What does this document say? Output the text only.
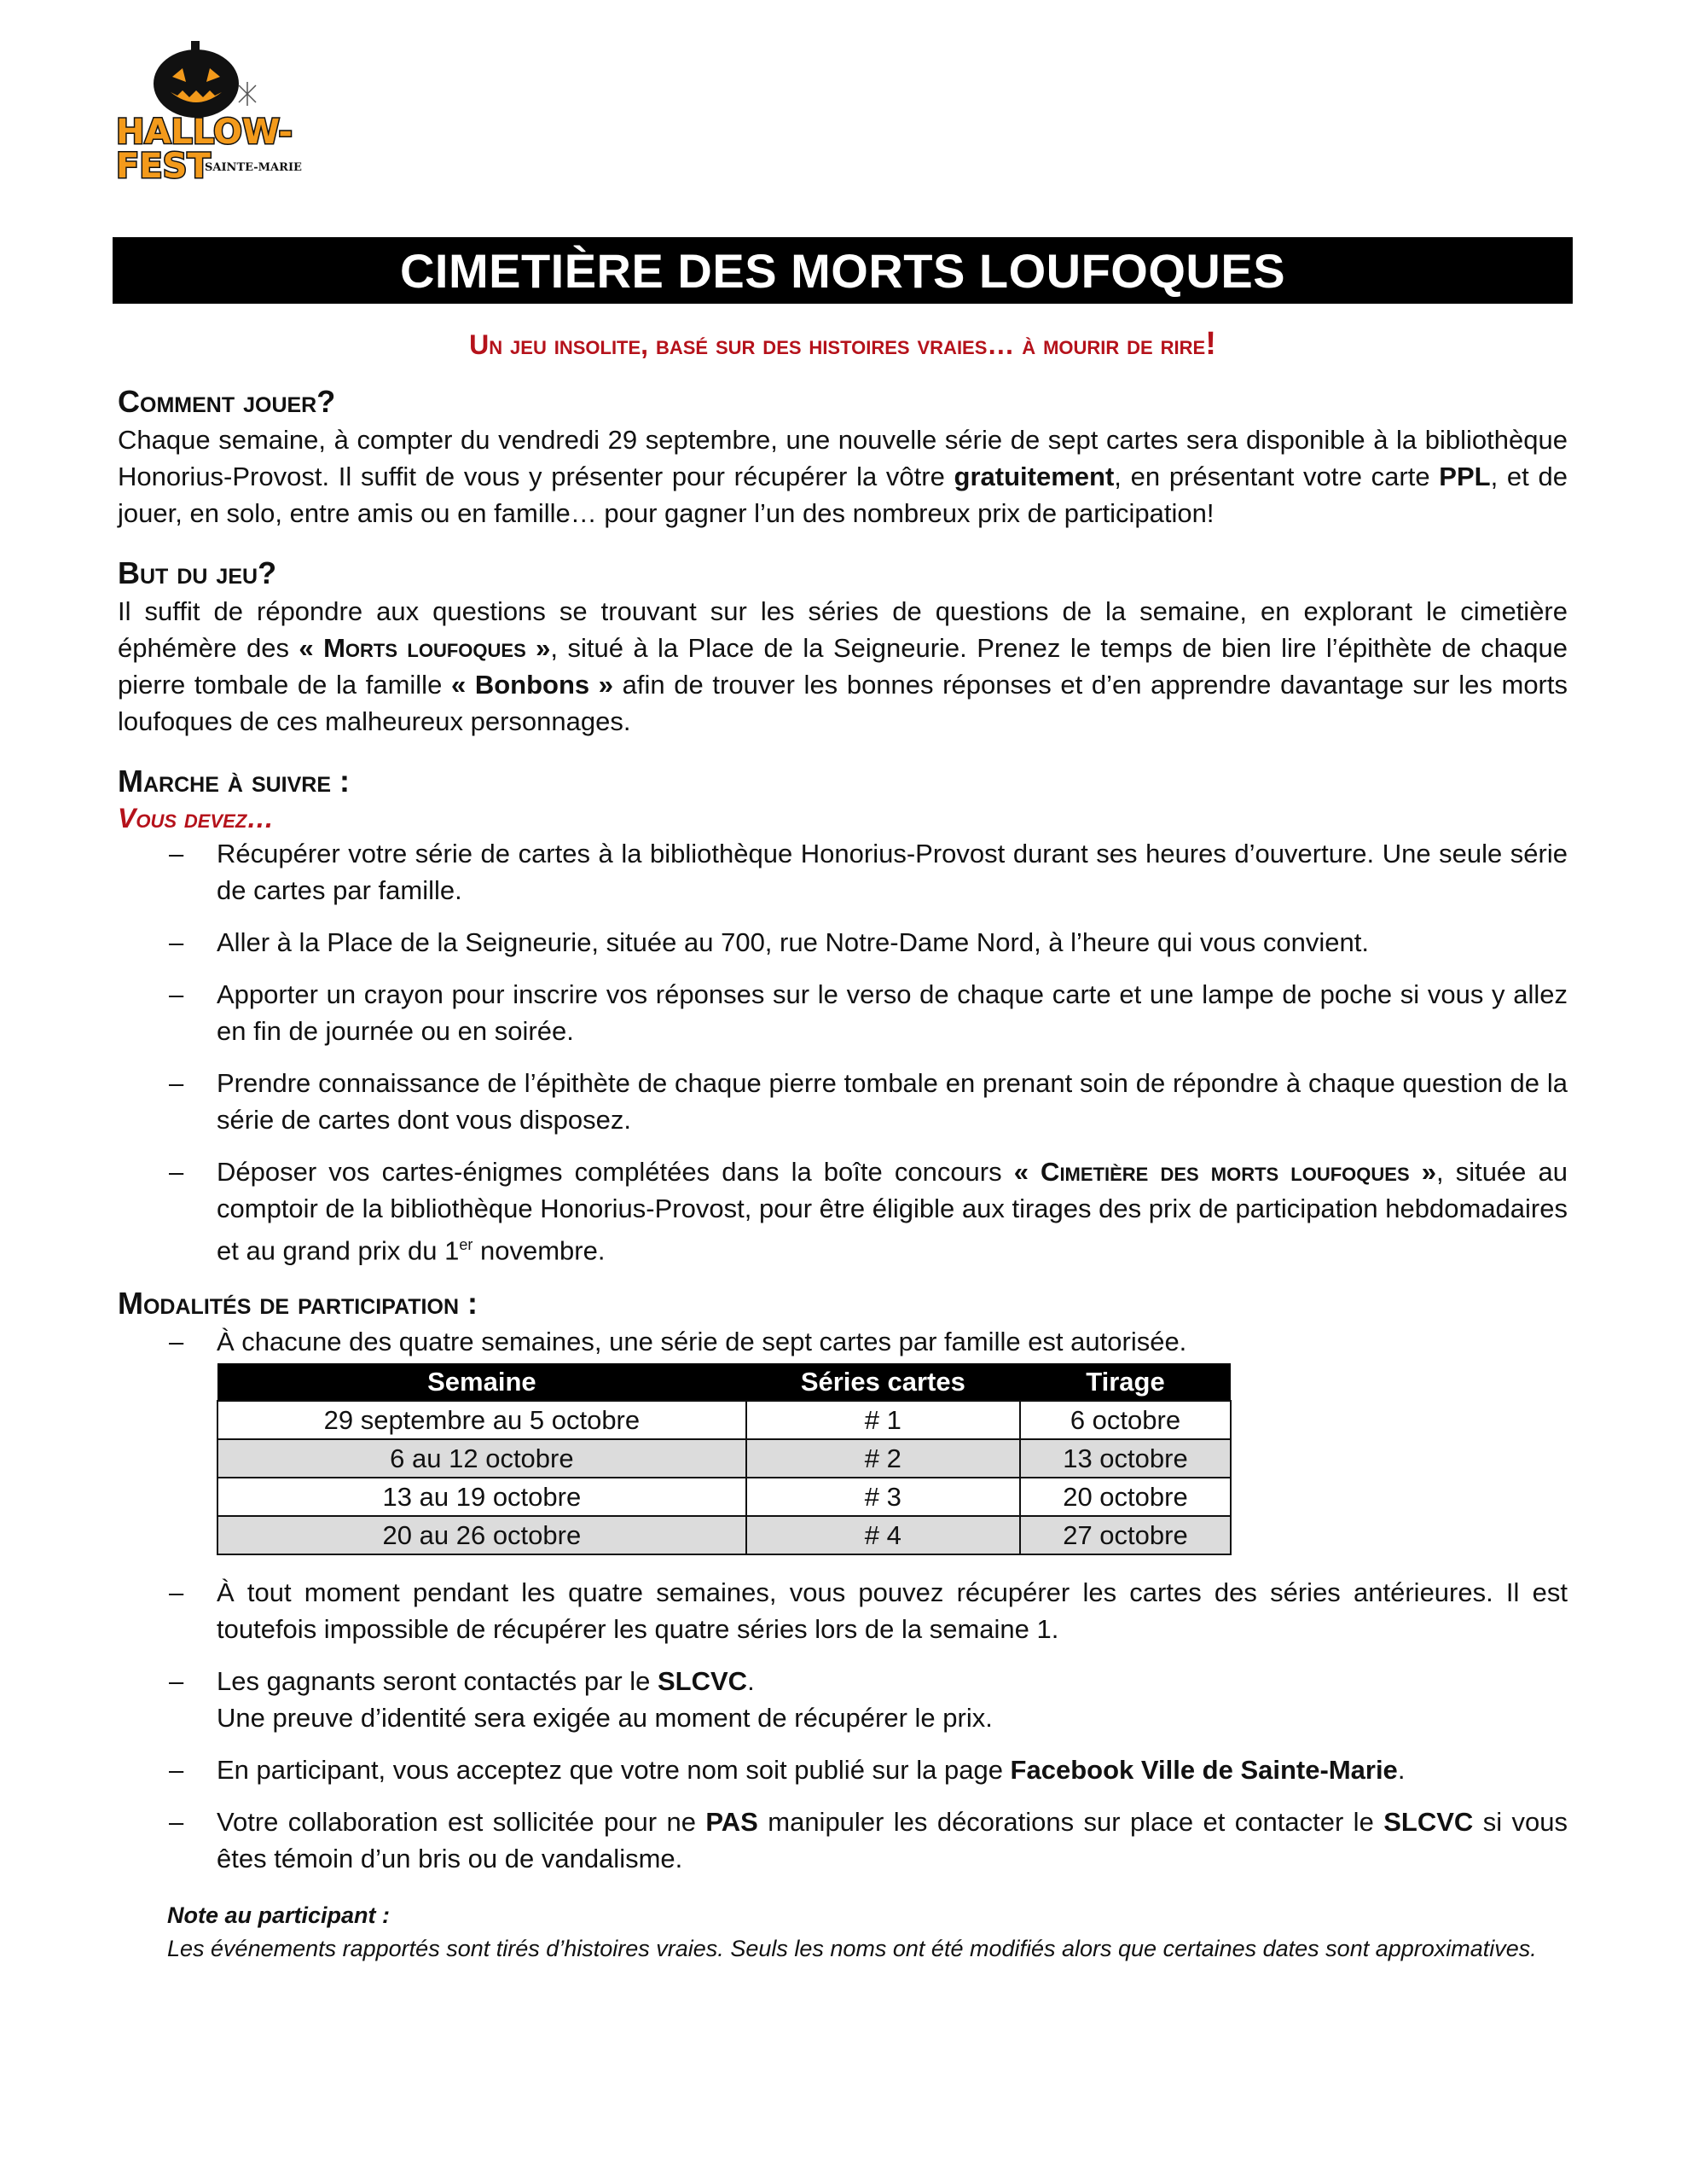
HALLOW-
FEST
SAINTE-MARIE
CIMETIÈRE DES MORTS LOUFOQUES
Un jeu insolite, basé sur des histoires vraies… à mourir de rire!
Comment jouer?

Chaque semaine, à compter du vendredi 29 septembre, une nouvelle série de sept cartes sera disponible à la bibliothèque Honorius-Provost. Il suffit de vous y présenter pour récupérer la vôtre gratuitement, en présentant votre carte PPL, et de jouer, en solo, entre amis ou en famille… pour gagner l’un des nombreux prix de participation!

But du jeu?

Il suffit de répondre aux questions se trouvant sur les séries de questions de la semaine, en explorant le cimetière éphémère des « Morts loufoques », situé à la Place de la Seigneurie. Prenez le temps de bien lire l’épithète de chaque pierre tombale de la famille « Bonbons » afin de trouver les bonnes réponses et d’en apprendre davantage sur les morts loufoques de ces malheureux personnages.

Marche à suivre :
Vous devez…
– Récupérer votre série de cartes à la bibliothèque Honorius-Provost durant ses heures d’ouverture. Une seule série de cartes par famille.
– Aller à la Place de la Seigneurie, située au 700, rue Notre-Dame Nord, à l’heure qui vous convient.
– Apporter un crayon pour inscrire vos réponses sur le verso de chaque carte et une lampe de poche si vous y allez en fin de journée ou en soirée.
– Prendre connaissance de l’épithète de chaque pierre tombale en prenant soin de répondre à chaque question de la série de cartes dont vous disposez.
– Déposer vos cartes-énigmes complétées dans la boîte concours « Cimetière des morts loufoques », située au comptoir de la bibliothèque Honorius-Provost, pour être éligible aux tirages des prix de participation hebdomadaires et au grand prix du 1er novembre.
Modalités de participation :
– À chacune des quatre semaines, une série de sept cartes par famille est autorisée.
Semaine	Séries cartes	Tirage
29 septembre au 5 octobre	# 1	6 octobre
6 au 12 octobre	# 2	13 octobre
13 au 19 octobre	# 3	20 octobre
20 au 26 octobre	# 4	27 octobre
– À tout moment pendant les quatre semaines, vous pouvez récupérer les cartes des séries antérieures. Il est toutefois impossible de récupérer les quatre séries lors de la semaine 1.
– Les gagnants seront contactés par le SLCVC.
Une preuve d’identité sera exigée au moment de récupérer le prix.
– En participant, vous acceptez que votre nom soit publié sur la page Facebook Ville de Sainte-Marie.
– Votre collaboration est sollicitée pour ne PAS manipuler les décorations sur place et contacter le SLCVC si vous êtes témoin d’un bris ou de vandalisme.
Note au participant :

Les événements rapportés sont tirés d’histoires vraies. Seuls les noms ont été modifiés alors que certaines dates sont approximatives.
